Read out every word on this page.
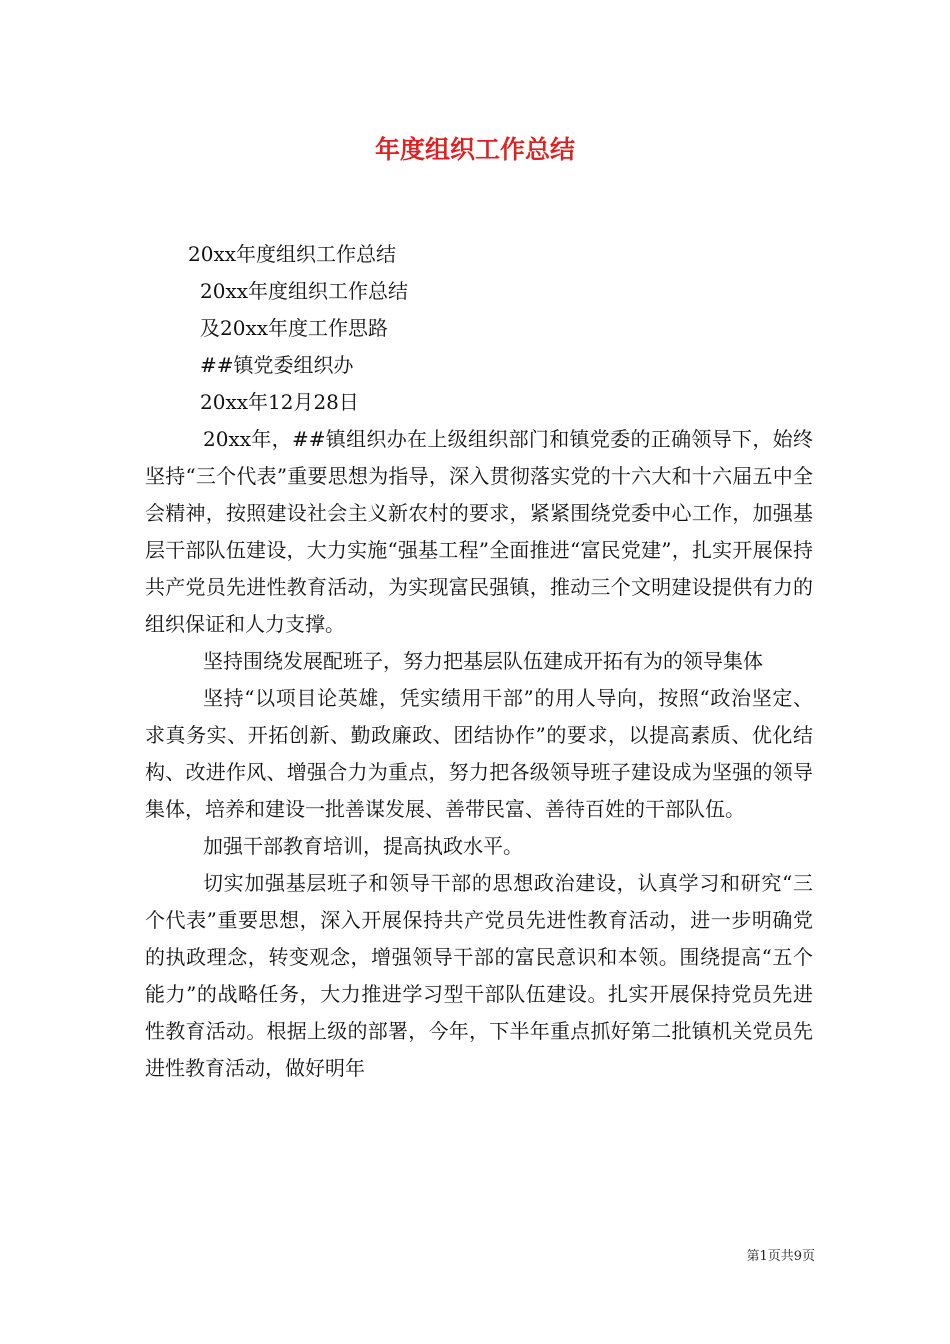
年度组织工作总结
20xx年度组织工作总结
20xx年度组织工作总结
及20xx年度工作思路
##镇党委组织办
20xx年12月28日

20xx年，##镇组织办在上级组织部门和镇党委的正确领导下，始终坚持“三个代表”重要思想为指导，深入贯彻落实党的十六大和十六届五中全会精神，按照建设社会主义新农村的要求，紧紧围绕党委中心工作，加强基层干部队伍建设，大力实施“强基工程”全面推进“富民党建”，扎实开展保持共产党员先进性教育活动，为实现富民强镇，推动三个文明建设提供有力的组织保证和人力支撑。

坚持围绕发展配班子，努力把基层队伍建成开拓有为的领导集体

坚持“以项目论英雄，凭实绩用干部”的用人导向，按照“政治坚定、求真务实、开拓创新、勤政廉政、团结协作”的要求，以提高素质、优化结构、改进作风、增强合力为重点，努力把各级领导班子建设成为坚强的领导集体，培养和建设一批善谋发展、善带民富、善待百姓的干部队伍。

加强干部教育培训，提高执政水平。

切实加强基层班子和领导干部的思想政治建设，认真学习和研究“三个代表”重要思想，深入开展保持共产党员先进性教育活动，进一步明确党的执政理念，转变观念，增强领导干部的富民意识和本领。围绕提高“五个能力”的战略任务，大力推进学习型干部队伍建设。扎实开展保持党员先进性教育活动。根据上级的部署，今年，下半年重点抓好第二批镇机关党员先进性教育活动，做好明年

第1页共9页
